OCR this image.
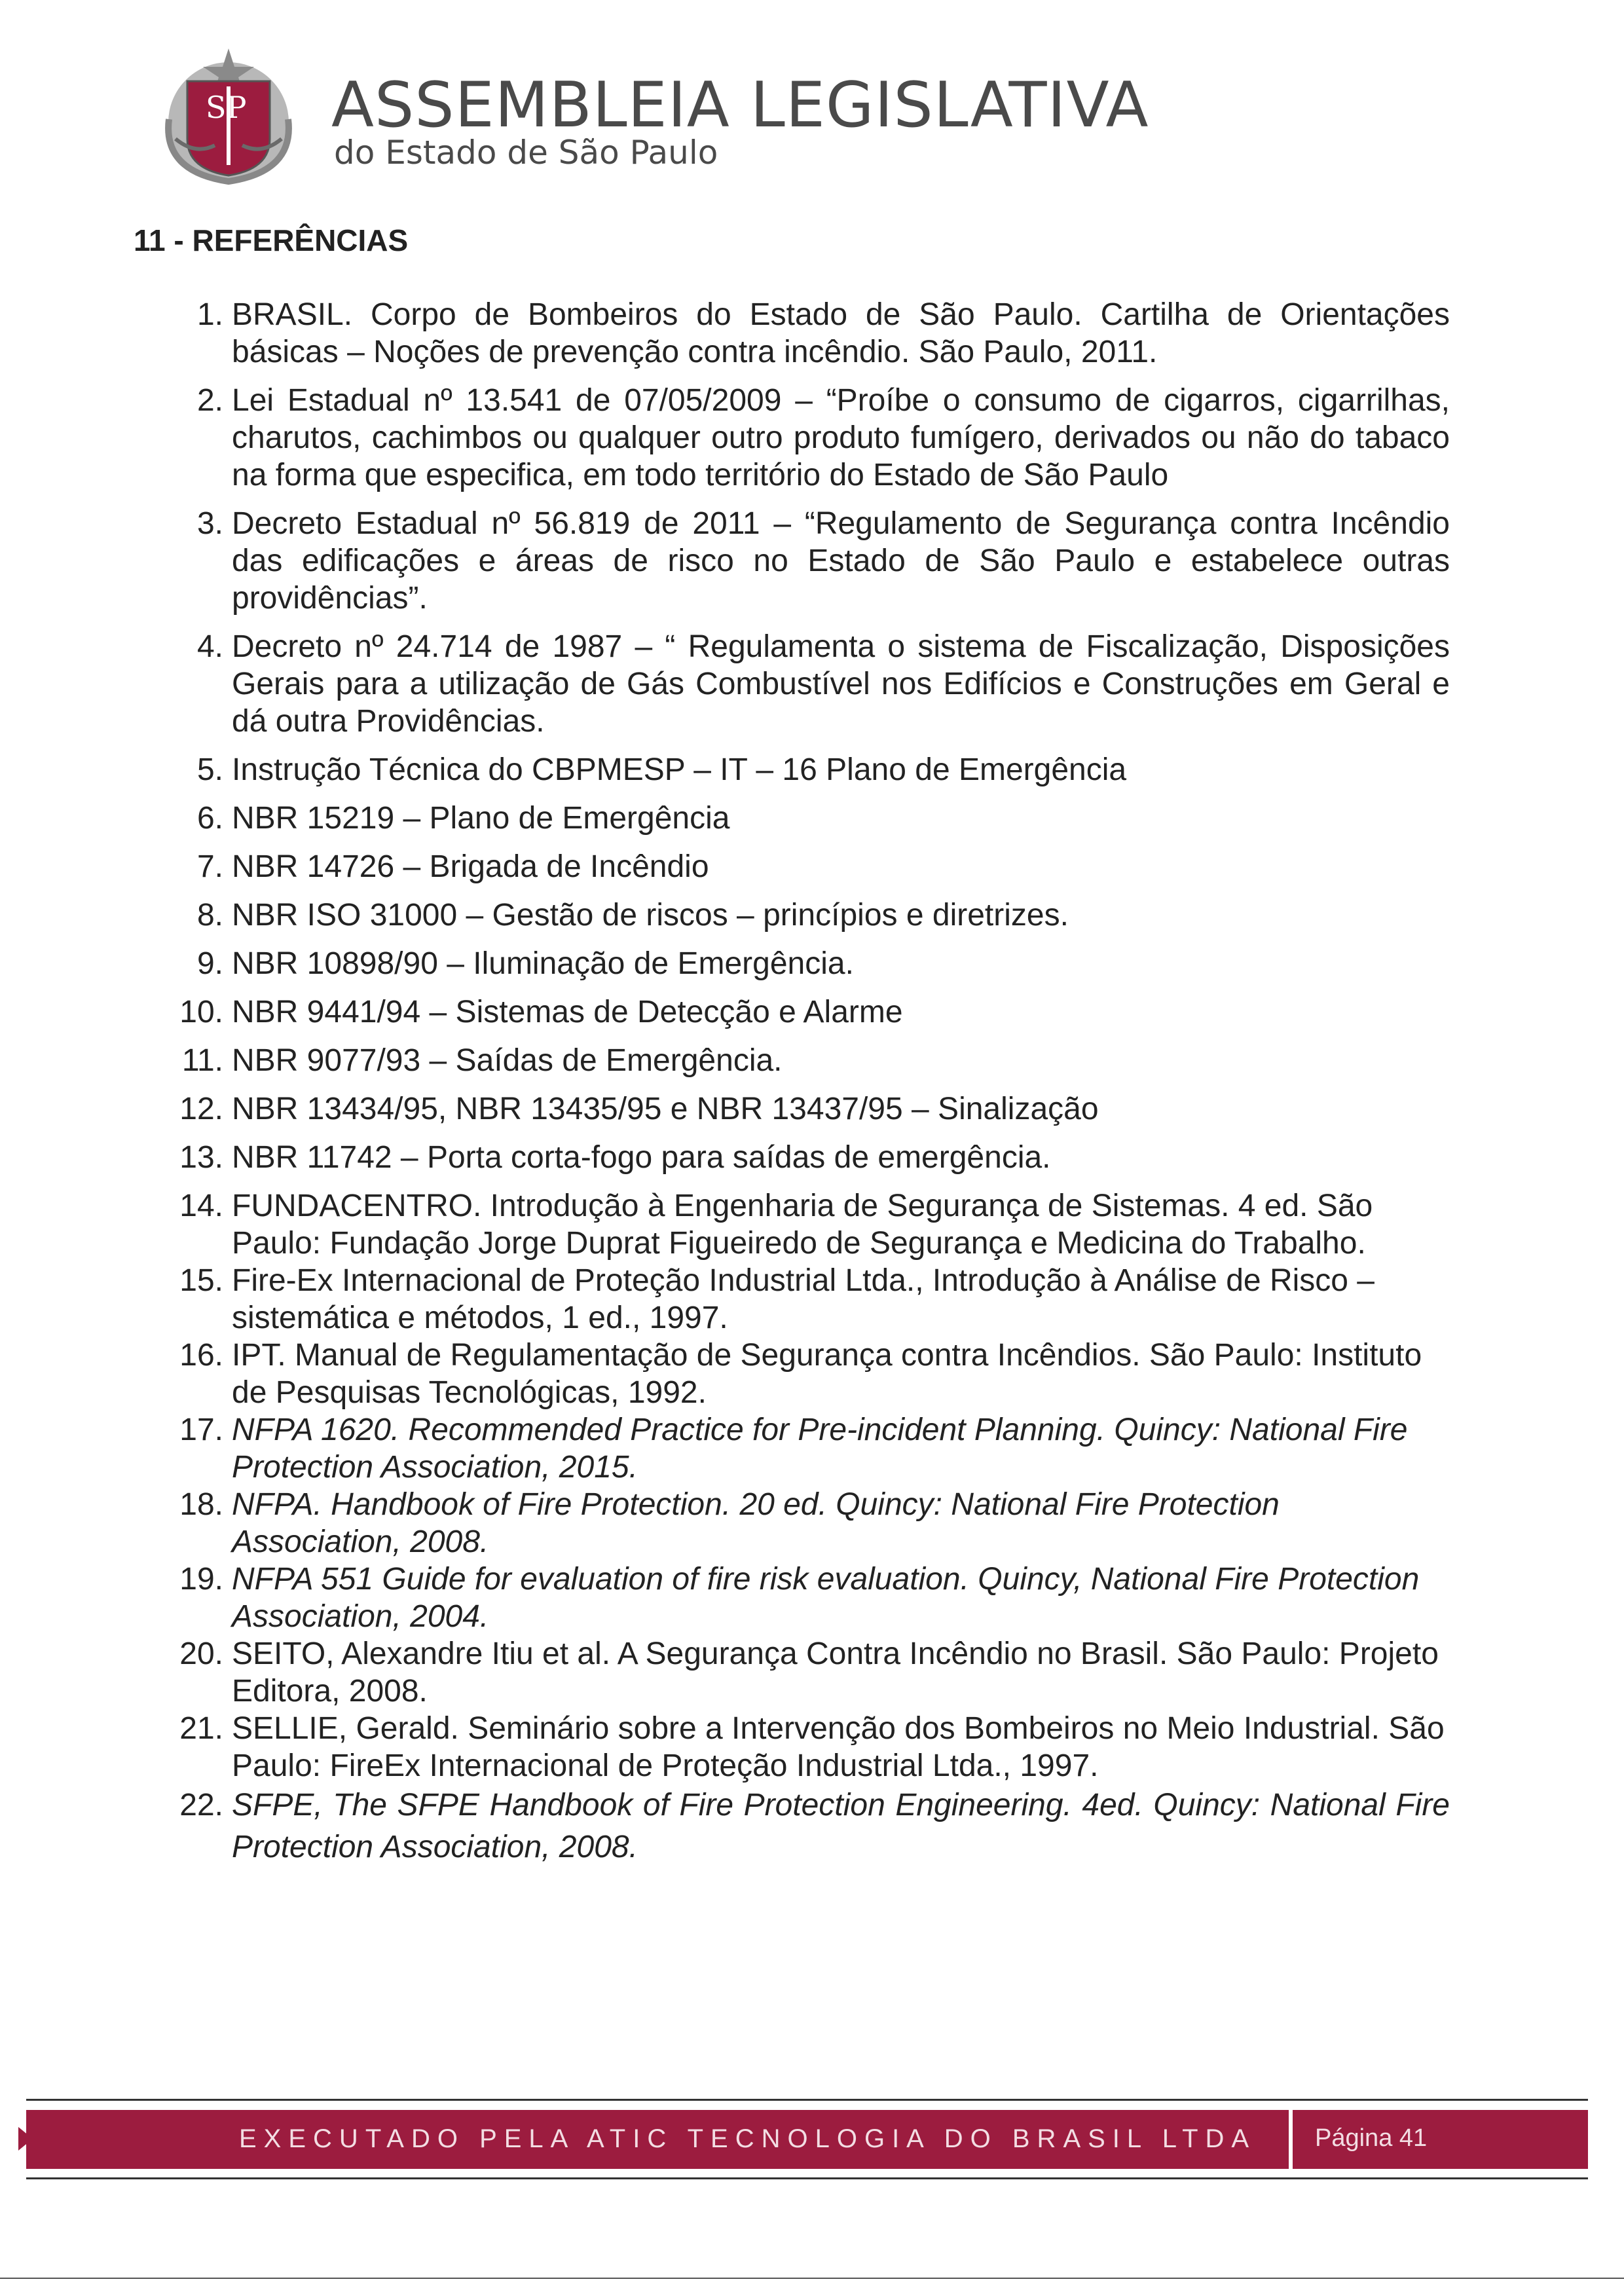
SP ASSEMBLEIA LEGISLATIVA
do Estado de São Paulo
11 - REFERÊNCIAS
1. BRASIL. Corpo de Bombeiros do Estado de São Paulo. Cartilha de Orientações básicas – Noções de prevenção contra incêndio. São Paulo, 2011.
2. Lei Estadual nº 13.541 de 07/05/2009 – “Proíbe o consumo de cigarros, cigarrilhas, charutos, cachimbos ou qualquer outro produto fumígero, derivados ou não do tabaco na forma que especifica, em todo território do Estado de São Paulo
3. Decreto Estadual nº 56.819 de 2011 – “Regulamento de Segurança contra Incêndio das edificações e áreas de risco no Estado de São Paulo e estabelece outras providências”.
4. Decreto nº 24.714 de 1987 – “ Regulamenta o sistema de Fiscalização, Disposições Gerais para a utilização de Gás Combustível nos Edifícios e Construções em Geral e dá outra Providências.
5. Instrução Técnica do CBPMESP – IT – 16 Plano de Emergência
6. NBR 15219 – Plano de Emergência
7. NBR 14726 – Brigada de Incêndio
8. NBR ISO 31000 – Gestão de riscos – princípios e diretrizes.
9. NBR 10898/90 – Iluminação de Emergência.
10. NBR 9441/94 – Sistemas de Detecção e Alarme
11. NBR 9077/93 – Saídas de Emergência.
12. NBR 13434/95, NBR 13435/95 e NBR 13437/95 – Sinalização
13. NBR 11742 – Porta corta-fogo para saídas de emergência.
14. FUNDACENTRO. Introdução à Engenharia de Segurança de Sistemas. 4 ed. São Paulo: Fundação Jorge Duprat Figueiredo de Segurança e Medicina do Trabalho.
15. Fire-Ex Internacional de Proteção Industrial Ltda., Introdução à Análise de Risco – sistemática e métodos, 1 ed., 1997.
16. IPT. Manual de Regulamentação de Segurança contra Incêndios. São Paulo: Instituto de Pesquisas Tecnológicas, 1992.
17. NFPA 1620. Recommended Practice for Pre-incident Planning. Quincy: National Fire Protection Association, 2015.
18. NFPA. Handbook of Fire Protection. 20 ed. Quincy: National Fire Protection Association, 2008.
19. NFPA 551 Guide for evaluation of fire risk evaluation. Quincy, National Fire Protection Association, 2004.
20. SEITO, Alexandre Itiu et al. A Segurança Contra Incêndio no Brasil. São Paulo: Projeto Editora, 2008.
21. SELLIE, Gerald. Seminário sobre a Intervenção dos Bombeiros no Meio Industrial. São Paulo: FireEx Internacional de Proteção Industrial Ltda., 1997.
22. SFPE, The SFPE Handbook of Fire Protection Engineering. 4ed. Quincy: National Fire Protection Association, 2008.
EXECUTADO PELA ATIC TECNOLOGIA DO BRASIL LTDA Página 41
